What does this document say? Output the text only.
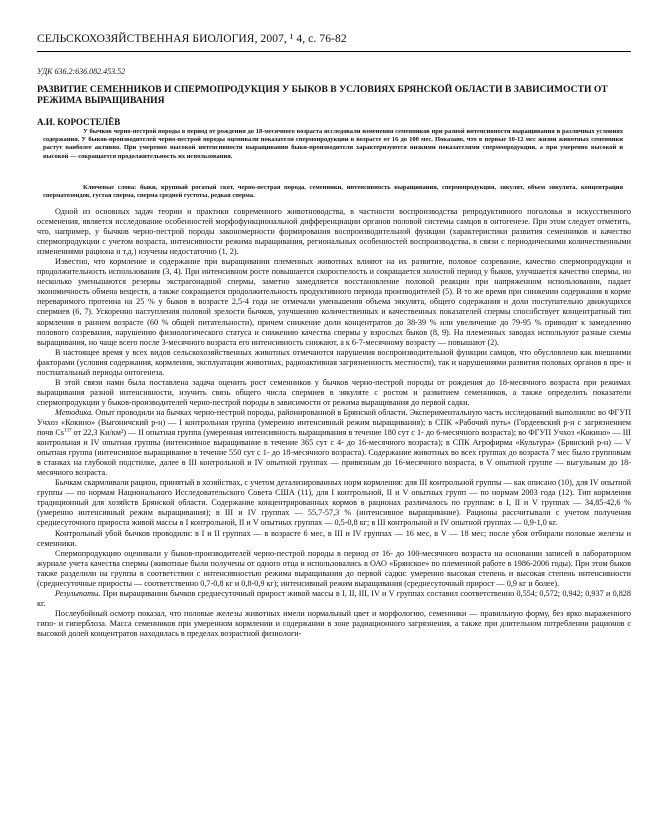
СЕЛЬСКОХОЗЯЙСТВЕННАЯ БИОЛОГИЯ, 2007, ¹ 4, с. 76-82
УДК 636.2:636.082.453.52
РАЗВИТИЕ СЕМЕННИКОВ И СПЕРМОПРОДУКЦИЯ У БЫКОВ В УСЛОВИЯХ БРЯНСКОЙ ОБЛАСТИ В ЗАВИСИМОСТИ ОТ РЕЖИМА ВЫРАЩИВАНИЯ
А.И. КОРОСТЕЛЁВ

У бычков черно-пестрой породы в период от рождения до 18-месячного возраста исследовали изменения семенников при разной интенсивности выращивания и различных условиях содержания. У быков-производителей черно-пестрой породы оценивали показатели спермопродукции в возрасте от 16 до 100 мес. Показано, что в первые 10-12 мес жизни животных семенники растут наиболее активно. При умеренно высокой интенсивности выращивания быки-производители характеризуются низкими показателями спермопродукции, а при умеренно высокой и высокой — сокращается продолжительность их использования.

Ключевые слова: быки, крупный рогатый скот, черно-пестрая порода, семенники, интенсивность выращивания, спермопродукция, эякулят, объем эякулята, концентрация сперматозоидов, густая сперма, сперма средней густоты, редкая сперма.

Одной из основных задач теории и практики современного животноводства, в частности воспроизводства репродуктивного поголовья и искусственного осеменения, является исследование особенностей морфофункциональной дифференциации органов половой системы самцов в онтогенезе. При этом следует отметить, что, например, у бычков черно-пестрой породы закономерности формирования воспроизводительной функции (характеристики развития семенников и качество спермопродукции с учетом возраста, интенсивности режима выращивания, региональных особенностей воспроизводства, в связи с периодическими количественными изменениями рациона и т.д.) изучены недостаточно (1, 2).

Известно, что кормление и содержание при выращивании племенных животных влияют на их развитие, половое созревание, качество спермопродукции и продолжительность использования (3, 4). При интенсивном росте повышается скороспелость и сокращается холостой период у быков, улучшается качество спермы, но несколько уменьшаются резервы экстрагонадной спермы, заметно замедляется восстановление половой реакции при напряженном использовании, падает экономичность обмена веществ, а также сокращается продолжительность продуктивного периода производителей (5). В то же время при снижении содержания в корме переваримого протеина на 25 % у быков в возрасте 2,5-4 года не отмечали уменьшения объема эякулята, общего содержания и доли поступательно движущихся спермиев (6, 7). Ускоренно наступления половой зрелости бычков, улучшению количественных и качественных показателей спермы способствует концентратный тип кормления в раннем возрасте (60 % общей питательности), причем снижение доли концентратов до 38-39 % или увеличение до 79-95 % приводит к замедлению полового созревания, нарушению физиологического статуса и снижению качества спермы у взрослых быков (8, 9). На племенных заводах используют разные схемы выращивания, но чаще всего после 3-месячного возраста его интенсивность снижают, а к 6-7-месячному возрасту — повышают (2).

В настоящее время у всех видов сельскохозяйственных животных отмечаются нарушения воспроизводительной функции самцов, что обусловлено как внешними факторами (условия содержания, кормления, эксплуатации животных, радиоактивная загрязненность местности), так и нарушениями развития половых органов в пре- и постнатальный периоды онтогенеза.

В этой связи нами была поставлена задача оценить рост семенников у бычков черно-пестрой породы от рождения до 18-месячного возраста при режимах выращивания разной интенсивности, изучить связь общего числа спермиев в эякуляте с ростом и развитием семенников, а также определить показатели спермопродукции у быков-производителей черно-пестрой породы в зависимости от режима выращивания до первой садки.

Методика. Опыт проводили на бычках черно-пестрой породы, районированной в Брянской области. Экспериментальную часть исследований выполняли: во ФГУП Учхоз «Кокино» (Выгоничский р-н) — I контрольная группа (умеренно интенсивный режим выращивания); в СПК «Рабочий путь» (Гордеевский р-н с загрязнением почв Cs$^{137}$ от 22,3 Ки/км²) — II опытная группа (умеренная интенсивность выращивания в течение 180 сут с 1- до 6-месячного возраста); во ФГУП Учхоз «Кокино» — III контрольная и IV опытная группы (интенсивное выращивание в течение 365 сут с 4- до 16-месячного возраста); в СПК Агрофирма «Культура» (Брянский р-н) — V опытная группа (интенсивное выращивание в течение 550 сут с 1- до 18-месячного возраста). Содержание животных во всех группах до возраста 7 мес было групповым в станках на глубокой подстилке, далее в III контрольной и IV опытной группах — привязным до 16-месячного возраста, в V опытной группе — выгульным до 18-месячного возраста.

Бычкам скармливали рацион, принятый в хозяйствах, с учетом детализированных норм кормления: для III контрольной группы — как описано (10), для IV опытной группы — по нормам Национального Исследовательского Совета США (11), для I контрольной, II и V опытных групп — по нормам 2003 года (12). Тип кормления традиционный для хозяйств Брянской области. Содержание концентрированных кормов в рационах различалось по группам: в I, II и V группах — 34,85-42,6 % (умеренно интенсивный режим выращивания); в III и IV группах — 55,7-57,3 % (интенсивное выращивание). Рационы рассчитывали с учетом получения среднесуточного прироста живой массы в I контрольной, II и V опытных группах — 0,5-0,8 кг; в III контрольной и IV опытной группах — 0,9-1,0 кг.

Контрольный убой бычков проводили: в I и II группах — в возрасте 6 мес, в III и IV группах — 16 мес, в V — 18 мес; после убоя отбирали половые железы и семенники.

Спермопродукцию оценивали у быков-производителей черно-пестрой породы в период от 16- до 100-месячного возраста на основании записей в лабораторном журнале учета качества спермы (животные были получены от одного отца и использовались в ОАО «Брянское» по племенной работе в 1986-2006 годы). При этом быков также разделили на группы в соответствии с интенсивностью режима выращивания до первой садки: умеренно высокая степень и высокая степень интенсивности (среднесуточные приросты — соответственно 0,7-0,8 кг и 0,8-0,9 кг); интенсивный режим выращивания (среднесуточный прирост — 0,9 кг и более).

Результаты. При выращивании бычков среднесуточный прирост живой массы в I, II, III, IV и V группах составил соответственно 0,554; 0,572; 0,942; 0,937 и 0,828 кг.

Послеубойный осмотр показал, что половые железы животных имели нормальный цвет и морфологию, семенники — правильную форму, без ярко выраженного гипо- и гиперблоза. Масса семенников при умеренном кормлении и содержании в зоне радиационного загрязнения, а также при длительном потреблении рационов с высокой долей концентратов находилась в пределах возрастной физиологи-
